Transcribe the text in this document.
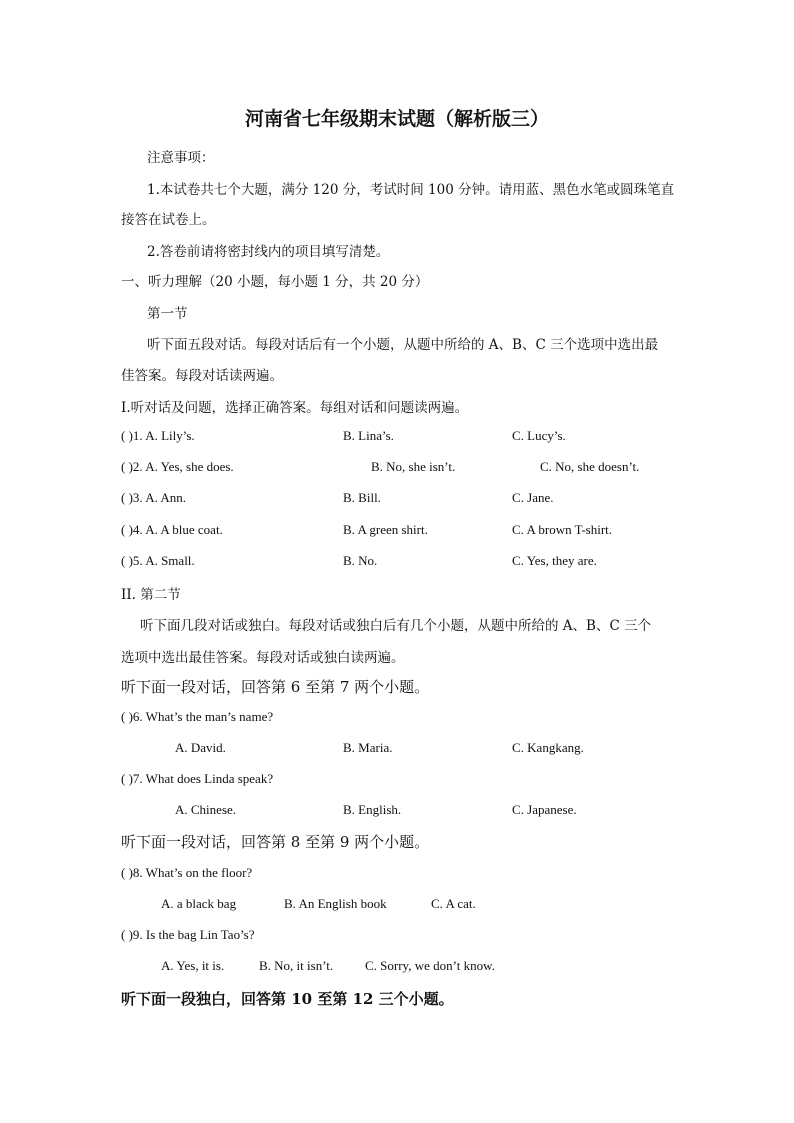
河南省七年级期末试题（解析版三）
注意事项：
1.本试卷共七个大题，满分 120 分，考试时间 100 分钟。请用蓝、黑色水笔或圆珠笔直
接答在试卷上。
2.答卷前请将密封线内的项目填写清楚。
一、听力理解（20 小题，每小题 1 分，共 20 分）
第一节
听下面五段对话。每段对话后有一个小题，从题中所给的 A、B、C 三个选项中选出最
佳答案。每段对话读两遍。
I.听对话及问题，选择正确答案。每组对话和问题读两遍。
( )1. A. Lily’s.	B. Lina’s.	C. Lucy’s.
( )2. A. Yes, she does.	B. No, she isn’t.	C. No, she doesn’t.
( )3. A. Ann.	B. Bill.	C. Jane.
( )4. A. A blue coat.	B. A green shirt.	C. A brown T-shirt.
( )5. A. Small.	B. No.	C. Yes, they are.
II. 第二节
听下面几段对话或独白。每段对话或独白后有几个小题，从题中所给的 A、B、C 三个
选项中选出最佳答案。每段对话或独白读两遍。
听下面一段对话，回答第 6 至第 7 两个小题。
( )6. What’s the man’s name?
A. David.	B. Maria.	C. Kangkang.
( )7. What does Linda speak?
A. Chinese.	B. English.	C. Japanese.
听下面一段对话，回答第 8 至第 9 两个小题。
( )8. What’s on the floor?
A. a black bag	B. An English book	C. A cat.
( )9. Is the bag Lin Tao’s?
A. Yes, it is.	B. No, it isn’t. C. Sorry, we don’t know.
听下面一段独白，回答第 10 至第 12 三个小题。
